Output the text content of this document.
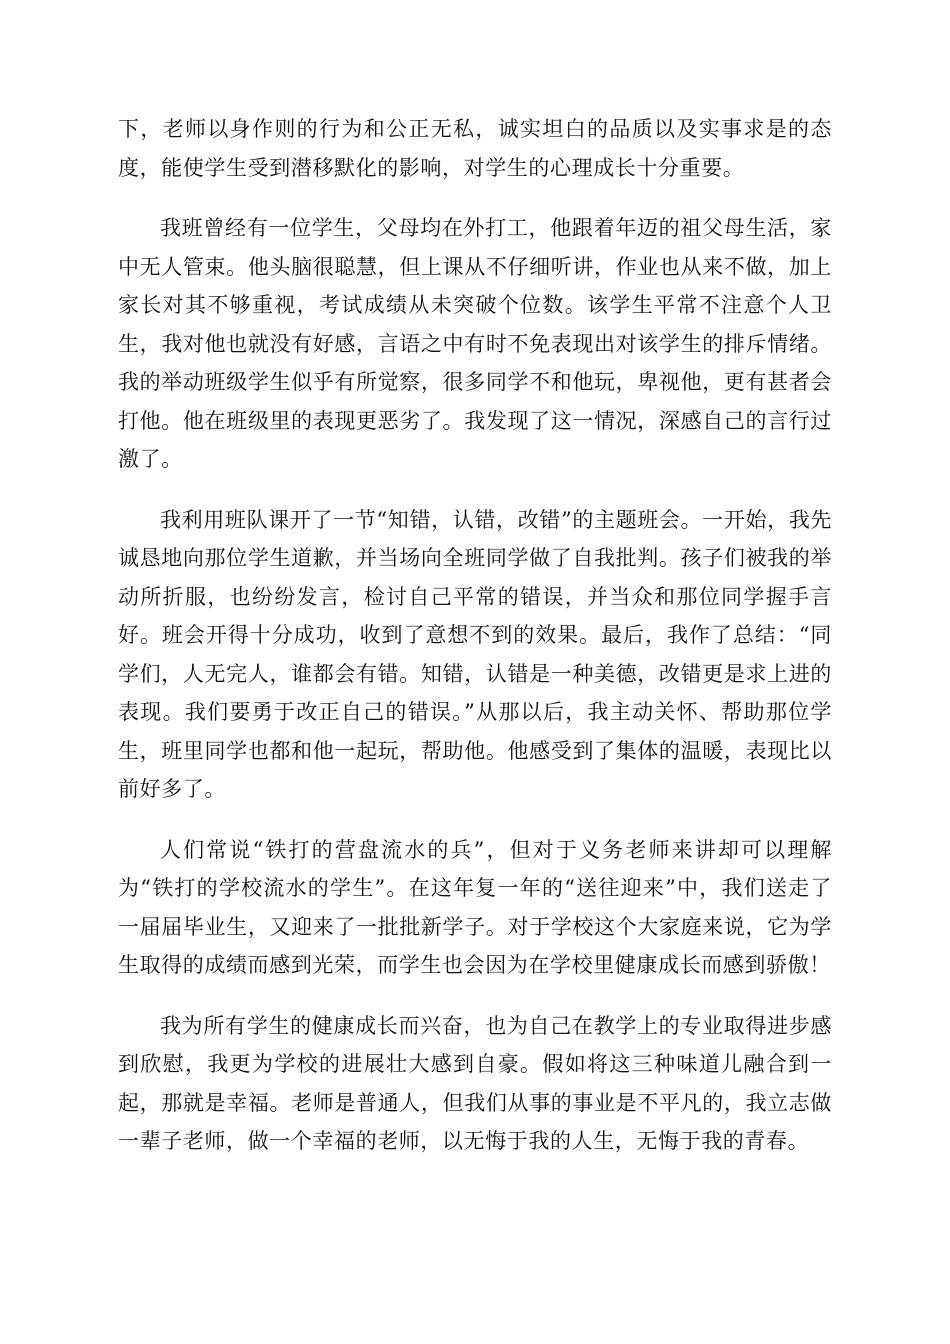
下，老师以身作则的行为和公正无私，诚实坦白的品质以及实事求是的态度，能使学生受到潜移默化的影响，对学生的心理成长十分重要。

我班曾经有一位学生，父母均在外打工，他跟着年迈的祖父母生活，家中无人管束。他头脑很聪慧，但上课从不仔细听讲，作业也从来不做，加上家长对其不够重视，考试成绩从未突破个位数。该学生平常不注意个人卫生，我对他也就没有好感，言语之中有时不免表现出对该学生的排斥情绪。我的举动班级学生似乎有所觉察，很多同学不和他玩，卑视他，更有甚者会打他。他在班级里的表现更恶劣了。我发现了这一情况，深感自己的言行过激了。

我利用班队课开了一节“知错，认错，改错”的主题班会。一开始，我先诚恳地向那位学生道歉，并当场向全班同学做了自我批判。孩子们被我的举动所折服，也纷纷发言，检讨自己平常的错误，并当众和那位同学握手言好。班会开得十分成功，收到了意想不到的效果。最后，我作了总结：“同学们，人无完人，谁都会有错。知错，认错是一种美德，改错更是求上进的表现。我们要勇于改正自己的错误。”从那以后，我主动关怀、帮助那位学生，班里同学也都和他一起玩，帮助他。他感受到了集体的温暖，表现比以前好多了。

人们常说“铁打的营盘流水的兵”，但对于义务老师来讲却可以理解为“铁打的学校流水的学生”。在这年复一年的“送往迎来”中，我们送走了一届届毕业生，又迎来了一批批新学子。对于学校这个大家庭来说，它为学生取得的成绩而感到光荣，而学生也会因为在学校里健康成长而感到骄傲！

我为所有学生的健康成长而兴奋，也为自己在教学上的专业取得进步感到欣慰，我更为学校的进展壮大感到自豪。假如将这三种味道儿融合到一起，那就是幸福。老师是普通人，但我们从事的事业是不平凡的，我立志做一辈子老师，做一个幸福的老师，以无悔于我的人生，无悔于我的青春。
